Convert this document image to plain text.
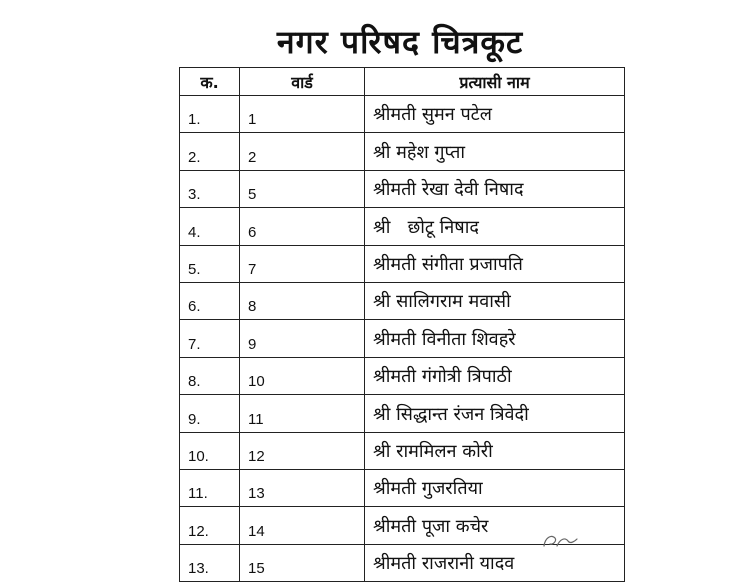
नगर परिषद चित्रकूट
क.	वार्ड	प्रत्यासी नाम
1.	1	श्रीमती सुमन पटेल
2.	2	श्री महेश गुप्ता
3.	5	श्रीमती रेखा देवी निषाद
4.	6	श्री   छोटू निषाद
5.	7	श्रीमती संगीता प्रजापति
6.	8	श्री सालिगराम मवासी
7.	9	श्रीमती विनीता शिवहरे
8.	10	श्रीमती गंगोत्री त्रिपाठी
9.	11	श्री सिद्धान्त रंजन त्रिवेदी
10.	12	श्री राममिलन कोरी
11.	13	श्रीमती गुजरतिया
12.	14	श्रीमती पूजा कचेर
13.	15	श्रीमती राजरानी यादव
